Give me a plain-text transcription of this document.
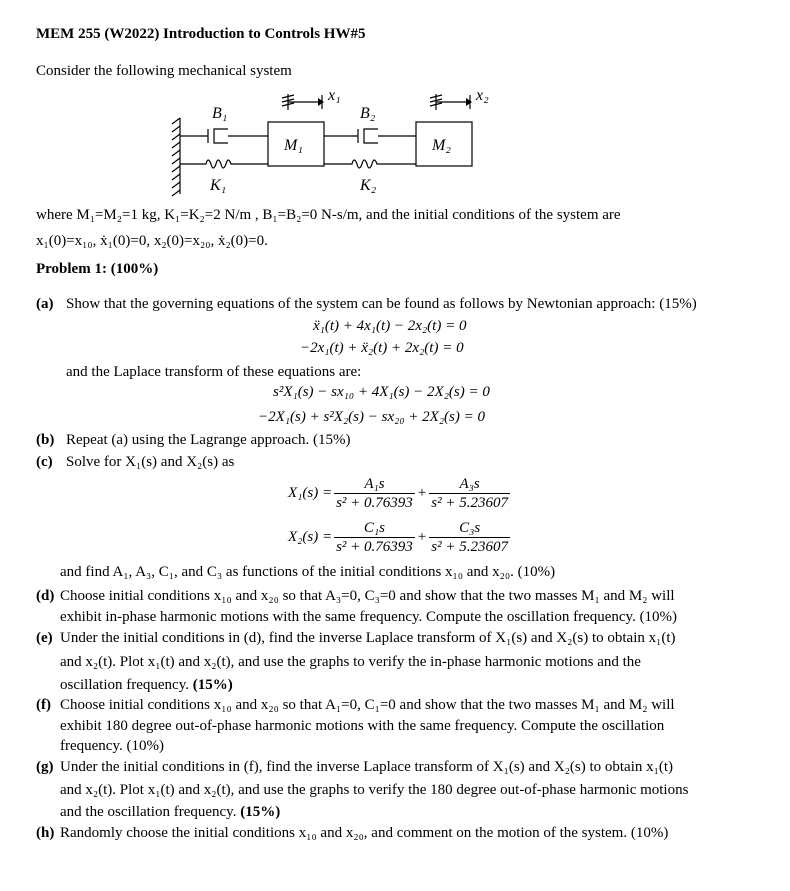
MEM 255 (W2022) Introduction to Controls HW#5
Consider the following mechanical system
x₁	x₂
B₁	B₂
M₁	M₂
K₁	K₂
where M₁=M₂=1 kg, K₁=K₂=2 N/m , B₁=B₂=0 N-s/m, and the initial conditions of the system are
x₁(0)=x₁₀, ẋ₁(0)=0, x₂(0)=x₂₀, ẋ₂(0)=0.
Problem 1: (100%)
(a) Show that the governing equations of the system can be found as follows by Newtonian approach: (15%)
ẍ₁(t) + 4x₁(t) − 2x₂(t) = 0
−2x₁(t) + ẍ₂(t) + 2x₂(t) = 0
and the Laplace transform of these equations are:
s²X₁(s) − sx₁₀ + 4X₁(s) − 2X₂(s) = 0
−2X₁(s) + s²X₂(s) − sx₂₀ + 2X₂(s) = 0
(b) Repeat (a) using the Lagrange approach. (15%)
(c) Solve for X₁(s) and X₂(s) as
$X_1(s) = \frac{\text{A₁s}}{\text{s² + 0.76393}} + \frac{\text{A₃s}}{\text{s² + 5.23607}}$
$X_2(s) = \frac{\text{C₁s}}{\text{s² + 0.76393}} + \frac{\text{C₃s}}{\text{s² + 5.23607}}$
and find A₁, A₃, C₁, and C₃ as functions of the initial conditions x₁₀ and x₂₀. (10%)
(d) Choose initial conditions x₁₀ and x₂₀ so that A₃=0, C₃=0 and show that the two masses M₁ and M₂ will
exhibit in-phase harmonic motions with the same frequency. Compute the oscillation frequency. (10%)
(e) Under the initial conditions in (d), find the inverse Laplace transform of X₁(s) and X₂(s) to obtain x₁(t)
and x₂(t). Plot x₁(t) and x₂(t), and use the graphs to verify the in-phase harmonic motions and the
oscillation frequency. (15%)
(f) Choose initial conditions x₁₀ and x₂₀ so that A₁=0, C₁=0 and show that the two masses M₁ and M₂ will
exhibit 180 degree out-of-phase harmonic motions with the same frequency. Compute the oscillation
frequency. (10%)
(g) Under the initial conditions in (f), find the inverse Laplace transform of X₁(s) and X₂(s) to obtain x₁(t)
and x₂(t). Plot x₁(t) and x₂(t), and use the graphs to verify the 180 degree out-of-phase harmonic motions
and the oscillation frequency. (15%)
(h) Randomly choose the initial conditions x₁₀ and x₂₀, and comment on the motion of the system. (10%)
